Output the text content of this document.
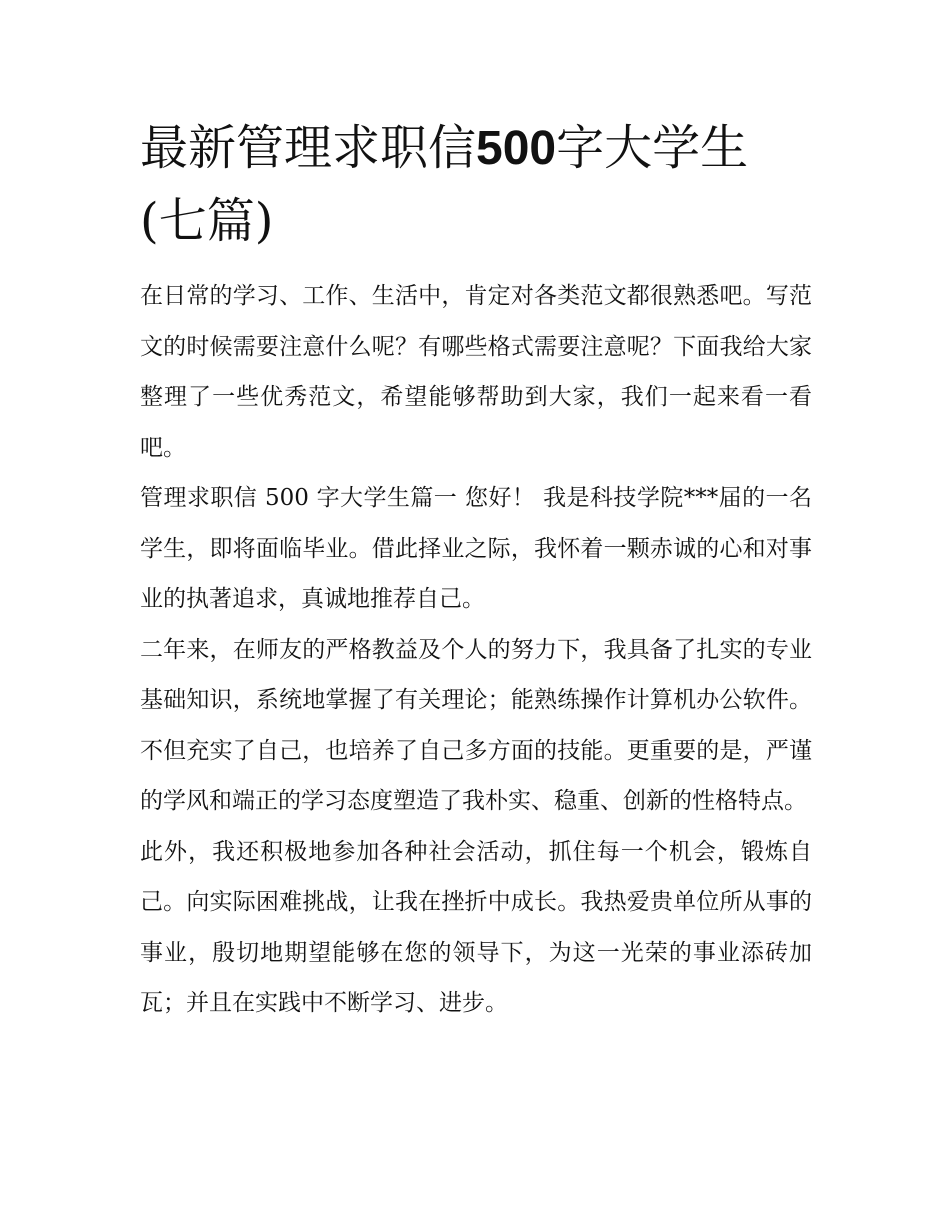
最新管理求职信500字大学生(七篇)

在日常的学习、工作、生活中，肯定对各类范文都很熟悉吧。写范文的时候需要注意什么呢？有哪些格式需要注意呢？下面我给大家整理了一些优秀范文，希望能够帮助到大家，我们一起来看一看吧。

管理求职信 500 字大学生篇一 您好！ 我是科技学院***届的一名学生，即将面临毕业。借此择业之际，我怀着一颗赤诚的心和对事业的执著追求，真诚地推荐自己。

二年来，在师友的严格教益及个人的努力下，我具备了扎实的专业基础知识，系统地掌握了有关理论；能熟练操作计算机办公软件。不但充实了自己，也培养了自己多方面的技能。更重要的是，严谨的学风和端正的学习态度塑造了我朴实、稳重、创新的性格特点。

此外，我还积极地参加各种社会活动，抓住每一个机会，锻炼自己。向实际困难挑战，让我在挫折中成长。我热爱贵单位所从事的事业，殷切地期望能够在您的领导下，为这一光荣的事业添砖加瓦；并且在实践中不断学习、进步。
